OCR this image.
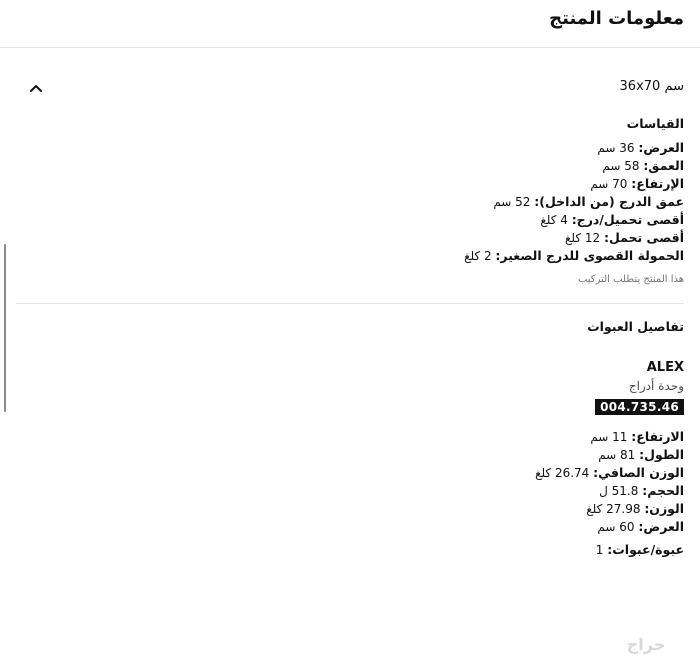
معلومات المنتج
36x70 سم
القياسات
العرض: 36 سم
العمق: 58 سم
الإرتفاع: 70 سم
عمق الدرج (من الداخل): 52 سم
أقصى تحميل/درج: 4 كلغ
أقصى تحمل: 12 كلغ
الحمولة القصوى للدرج الصغير: 2 كلغ
هذا المنتج يتطلب التركيب
تفاصيل العبوات
ALEX
وحدة أدراج
004.735.46
الارتفاع: 11 سم
الطول: 81 سم
الوزن الصافي: 26.74 كلغ
الحجم: 51.8 ل
الوزن: 27.98 كلغ
العرض: 60 سم
عبوة/عبوات: 1
حراج
